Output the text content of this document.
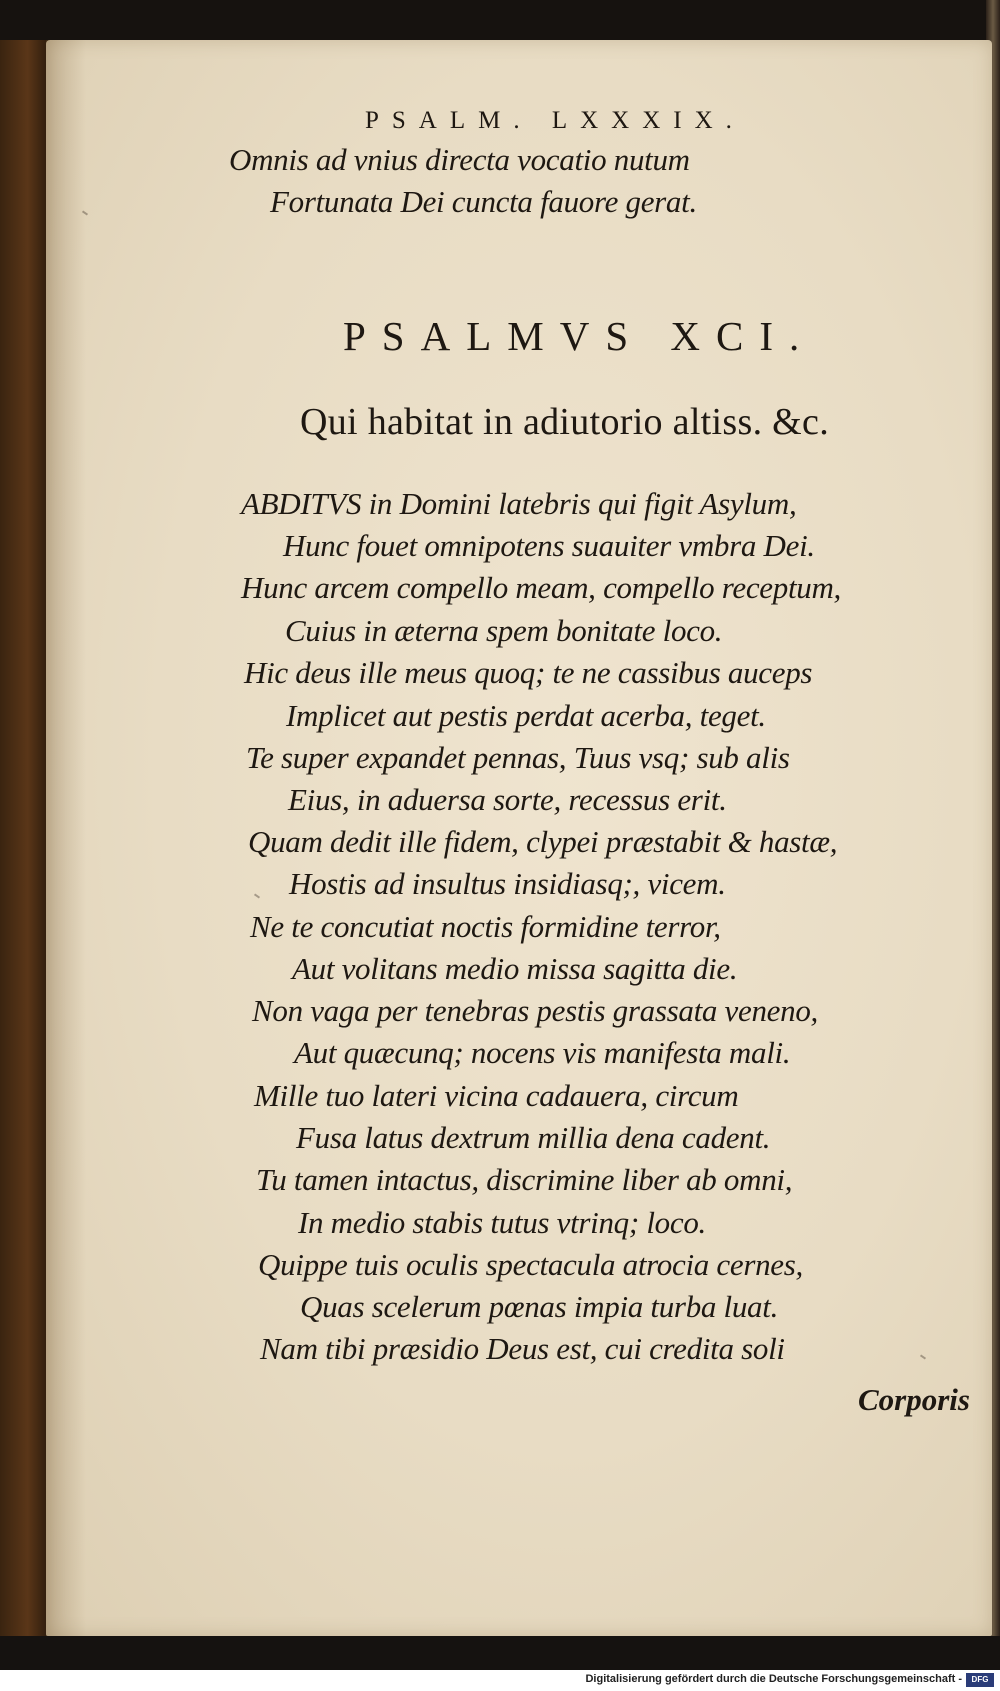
PSALM. LXXXIX.
Omnis ad vnius directa vocatio nutum
Fortunata Dei cuncta fauore gerat.
PSALMVS XCI.
Qui habitat in adiutorio altiss. &c.
ABDITVS in Domini latebris qui figit Asylum,
Hunc fouet omnipotens suauiter vmbra Dei.
Hunc arcem compello meam, compello receptum,
Cuius in æterna spem bonitate loco.
Hic deus ille meus quoq; te ne cassibus auceps
Implicet aut pestis perdat acerba, teget.
Te super expandet pennas, Tuus vsq; sub alis
Eius, in aduersa sorte, recessus erit.
Quam dedit ille fidem, clypei præstabit & hastæ,
Hostis ad insultus insidiasq;, vicem.
Ne te concutiat noctis formidine terror,
Aut volitans medio missa sagitta die.
Non vaga per tenebras pestis grassata veneno,
Aut quæcunq; nocens vis manifesta mali.
Mille tuo lateri vicina cadauera, circum
Fusa latus dextrum millia dena cadent.
Tu tamen intactus, discrimine liber ab omni,
In medio stabis tutus vtrinq; loco.
Quippe tuis oculis spectacula atrocia cernes,
Quas scelerum pœnas impia turba luat.
Nam tibi præsidio Deus est, cui credita soli
Corporis
Digitalisierung gefördert durch die Deutsche Forschungsgemeinschaft -	DFG
